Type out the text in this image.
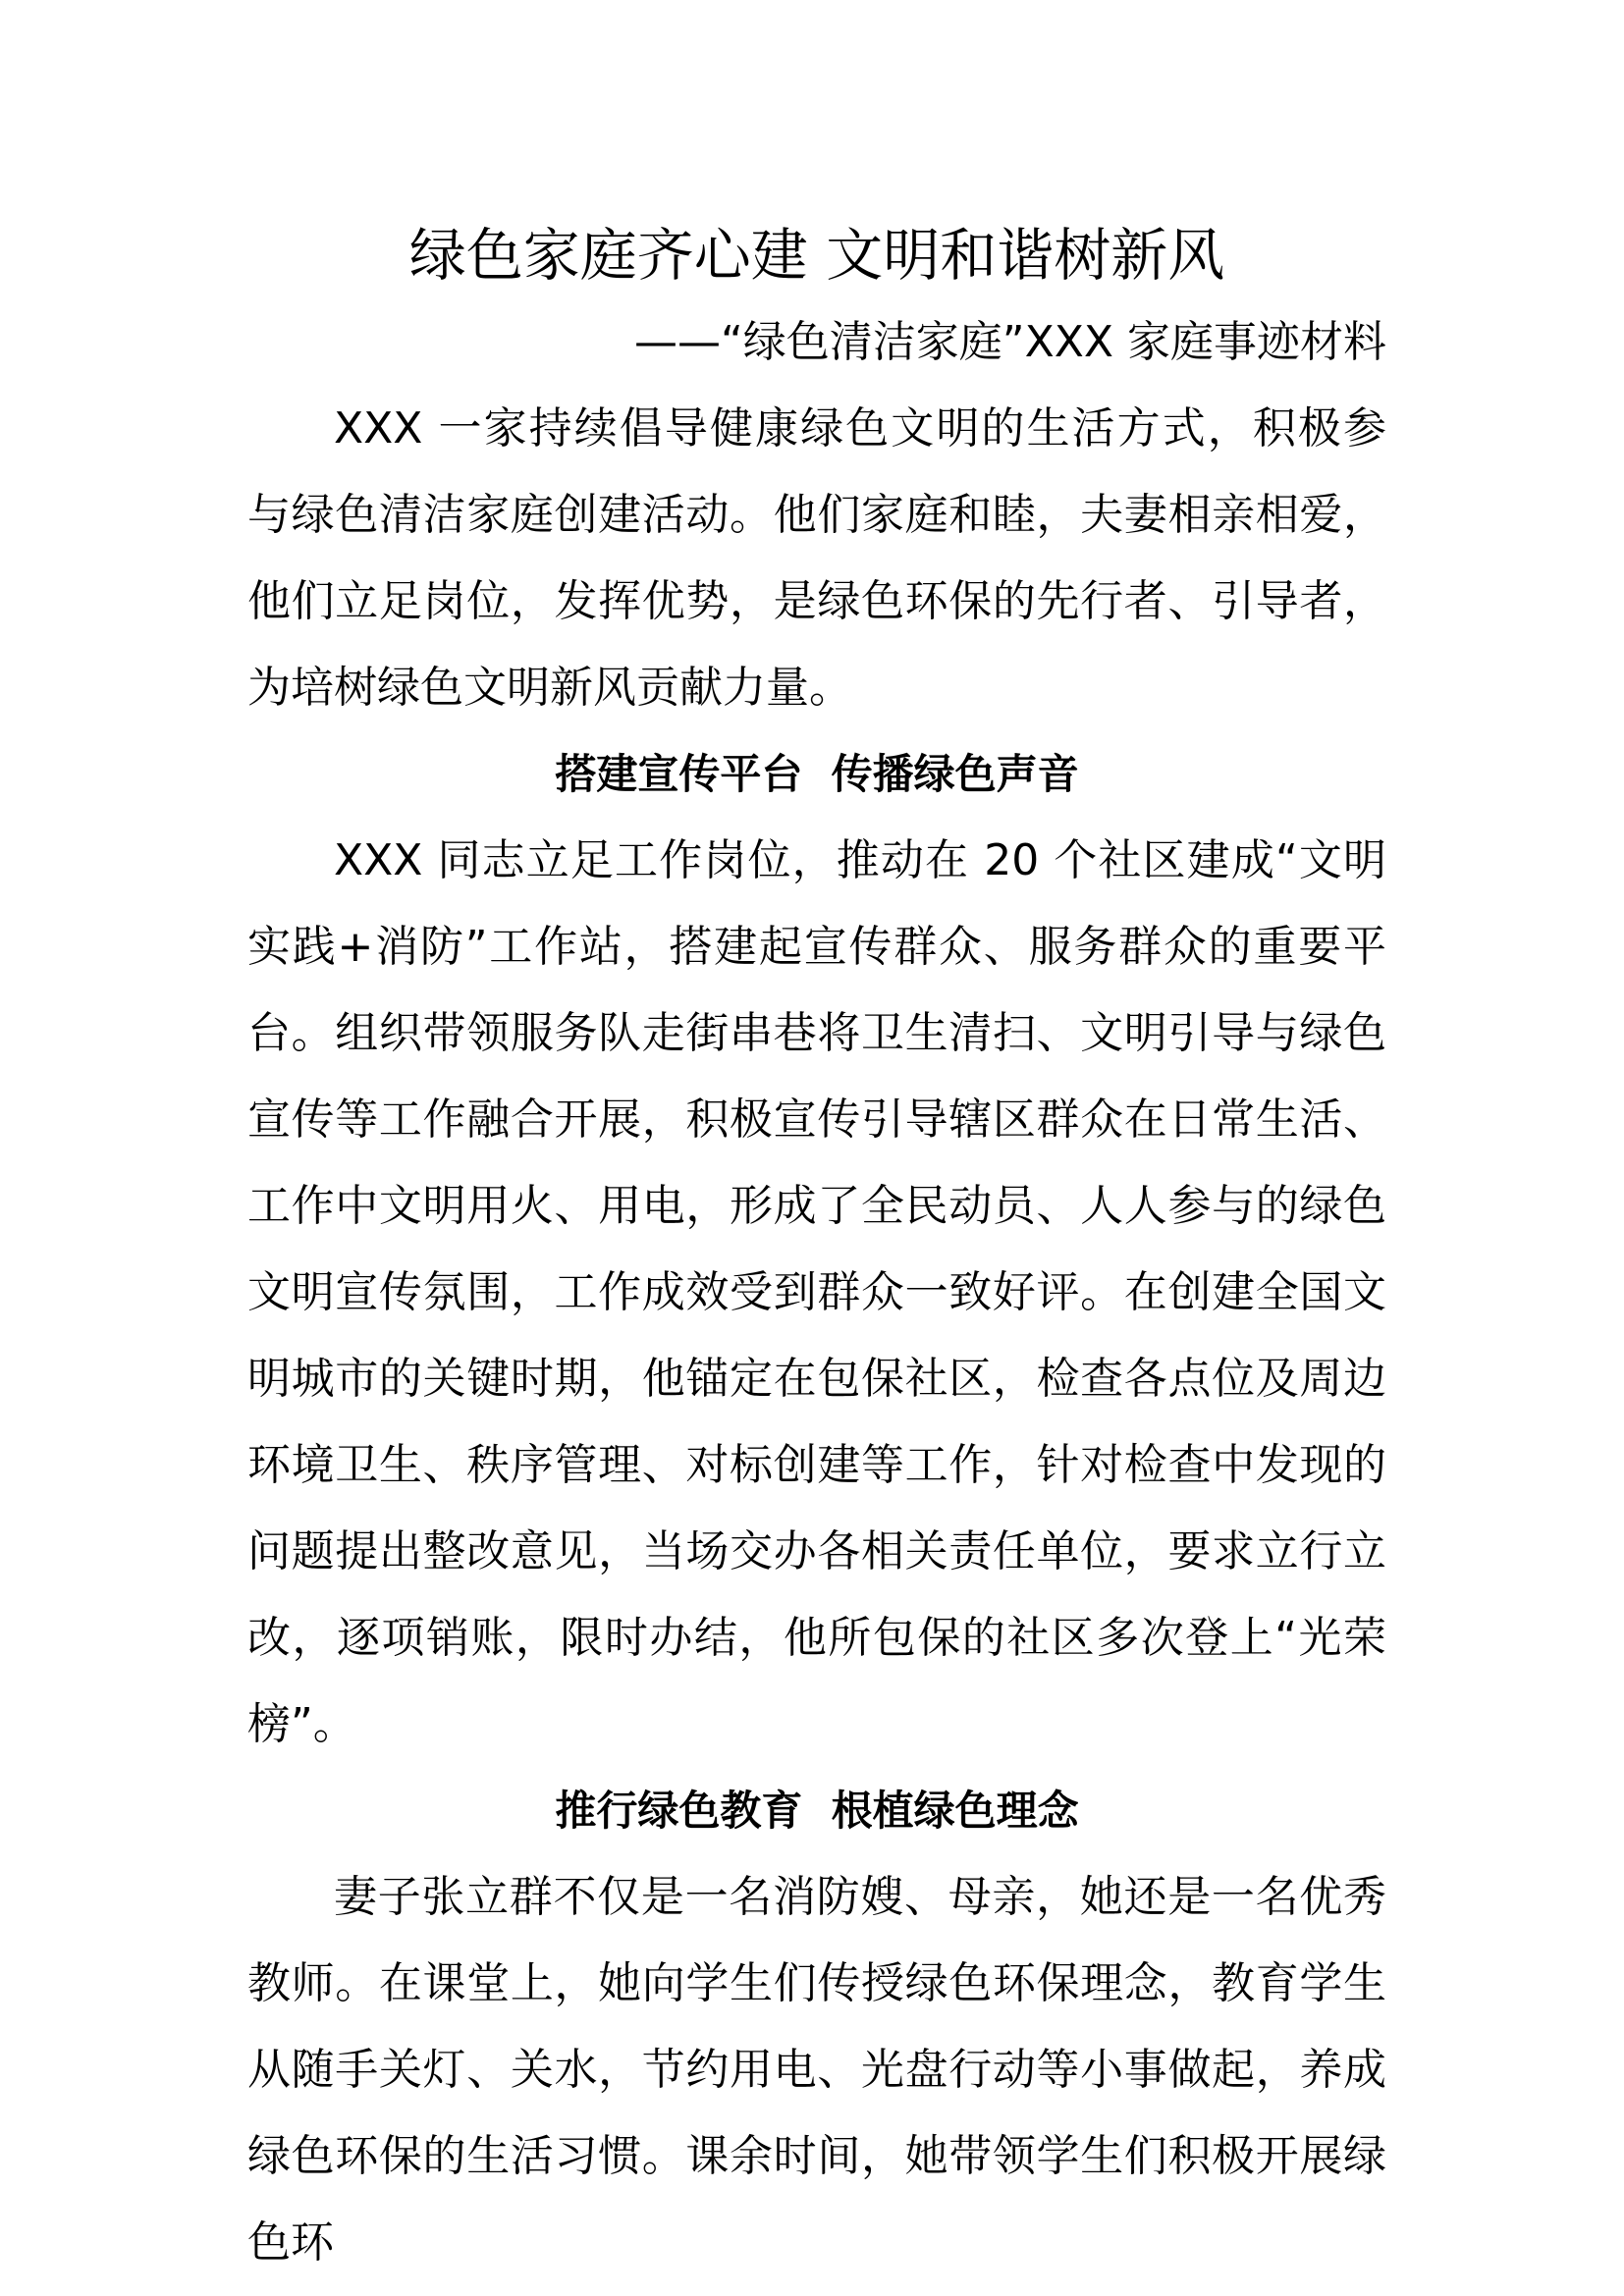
绿色家庭齐心建 文明和谐树新风

——“绿色清洁家庭”XXX 家庭事迹材料

XXX 一家持续倡导健康绿色文明的生活方式，积极参与绿色清洁家庭创建活动。他们家庭和睦，夫妻相亲相爱，他们立足岗位，发挥优势，是绿色环保的先行者、引导者，为培树绿色文明新风贡献力量。

搭建宣传平台  传播绿色声音

XXX 同志立足工作岗位，推动在 20 个社区建成“文明实践+消防”工作站，搭建起宣传群众、服务群众的重要平台。组织带领服务队走街串巷将卫生清扫、文明引导与绿色宣传等工作融合开展，积极宣传引导辖区群众在日常生活、工作中文明用火、用电，形成了全民动员、人人参与的绿色文明宣传氛围，工作成效受到群众一致好评。在创建全国文明城市的关键时期，他锚定在包保社区，检查各点位及周边环境卫生、秩序管理、对标创建等工作，针对检查中发现的问题提出整改意见，当场交办各相关责任单位，要求立行立改，逐项销账，限时办结，他所包保的社区多次登上“光荣榜”。

推行绿色教育  根植绿色理念

妻子张立群不仅是一名消防嫂、母亲，她还是一名优秀教师。在课堂上，她向学生们传授绿色环保理念，教育学生从随手关灯、关水，节约用电、光盘行动等小事做起，养成绿色环保的生活习惯。课余时间，她带领学生们积极开展绿色环
